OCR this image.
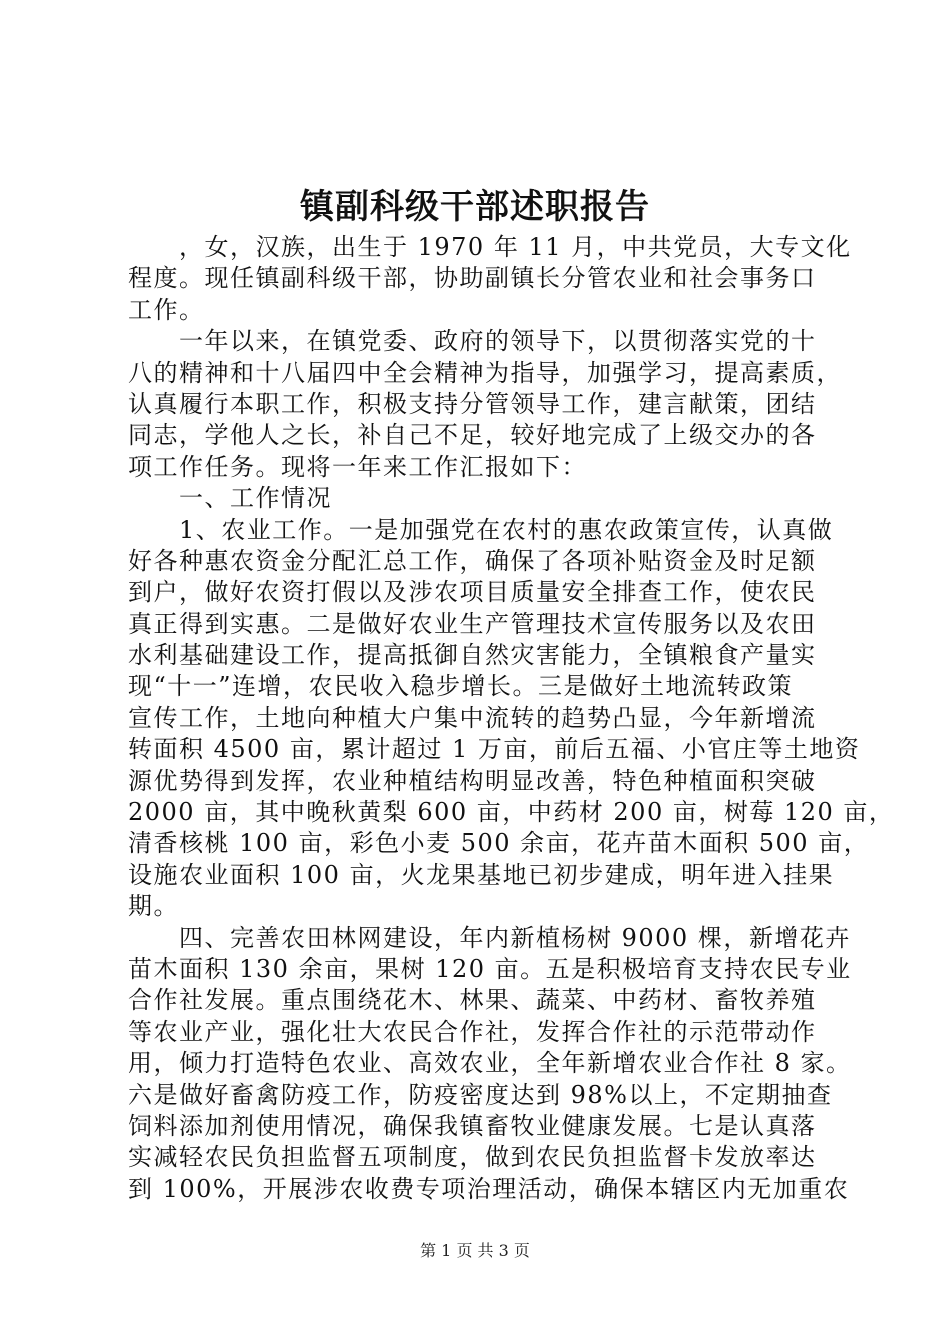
镇副科级干部述职报告
　　，女，汉族，出生于 1970 年 11 月，中共党员，大专文化
程度。现任镇副科级干部，协助副镇长分管农业和社会事务口
工作。
　　一年以来，在镇党委、政府的领导下，以贯彻落实党的十
八的精神和十八届四中全会精神为指导，加强学习，提高素质，
认真履行本职工作，积极支持分管领导工作，建言献策，团结
同志，学他人之长，补自己不足，较好地完成了上级交办的各
项工作任务。现将一年来工作汇报如下：
　　一、工作情况
　　1、农业工作。一是加强党在农村的惠农政策宣传，认真做
好各种惠农资金分配汇总工作，确保了各项补贴资金及时足额
到户，做好农资打假以及涉农项目质量安全排查工作，使农民
真正得到实惠。二是做好农业生产管理技术宣传服务以及农田
水利基础建设工作，提高抵御自然灾害能力，全镇粮食产量实
现“十一”连增，农民收入稳步增长。三是做好土地流转政策
宣传工作，土地向种植大户集中流转的趋势凸显，今年新增流
转面积 4500 亩，累计超过 1 万亩，前后五福、小官庄等土地资
源优势得到发挥，农业种植结构明显改善，特色种植面积突破
2000 亩，其中晚秋黄梨 600 亩，中药材 200 亩，树莓 120 亩，
清香核桃 100 亩，彩色小麦 500 余亩，花卉苗木面积 500 亩，
设施农业面积 100 亩，火龙果基地已初步建成，明年进入挂果
期。
　　四、完善农田林网建设，年内新植杨树 9000 棵，新增花卉
苗木面积 130 余亩，果树 120 亩。五是积极培育支持农民专业
合作社发展。重点围绕花木、林果、蔬菜、中药材、畜牧养殖
等农业产业，强化壮大农民合作社，发挥合作社的示范带动作
用，倾力打造特色农业、高效农业，全年新增农业合作社 8 家。
六是做好畜禽防疫工作，防疫密度达到 98%以上，不定期抽查
饲料添加剂使用情况，确保我镇畜牧业健康发展。七是认真落
实减轻农民负担监督五项制度，做到农民负担监督卡发放率达
到 100%，开展涉农收费专项治理活动，确保本辖区内无加重农
第 1 页 共 3 页
